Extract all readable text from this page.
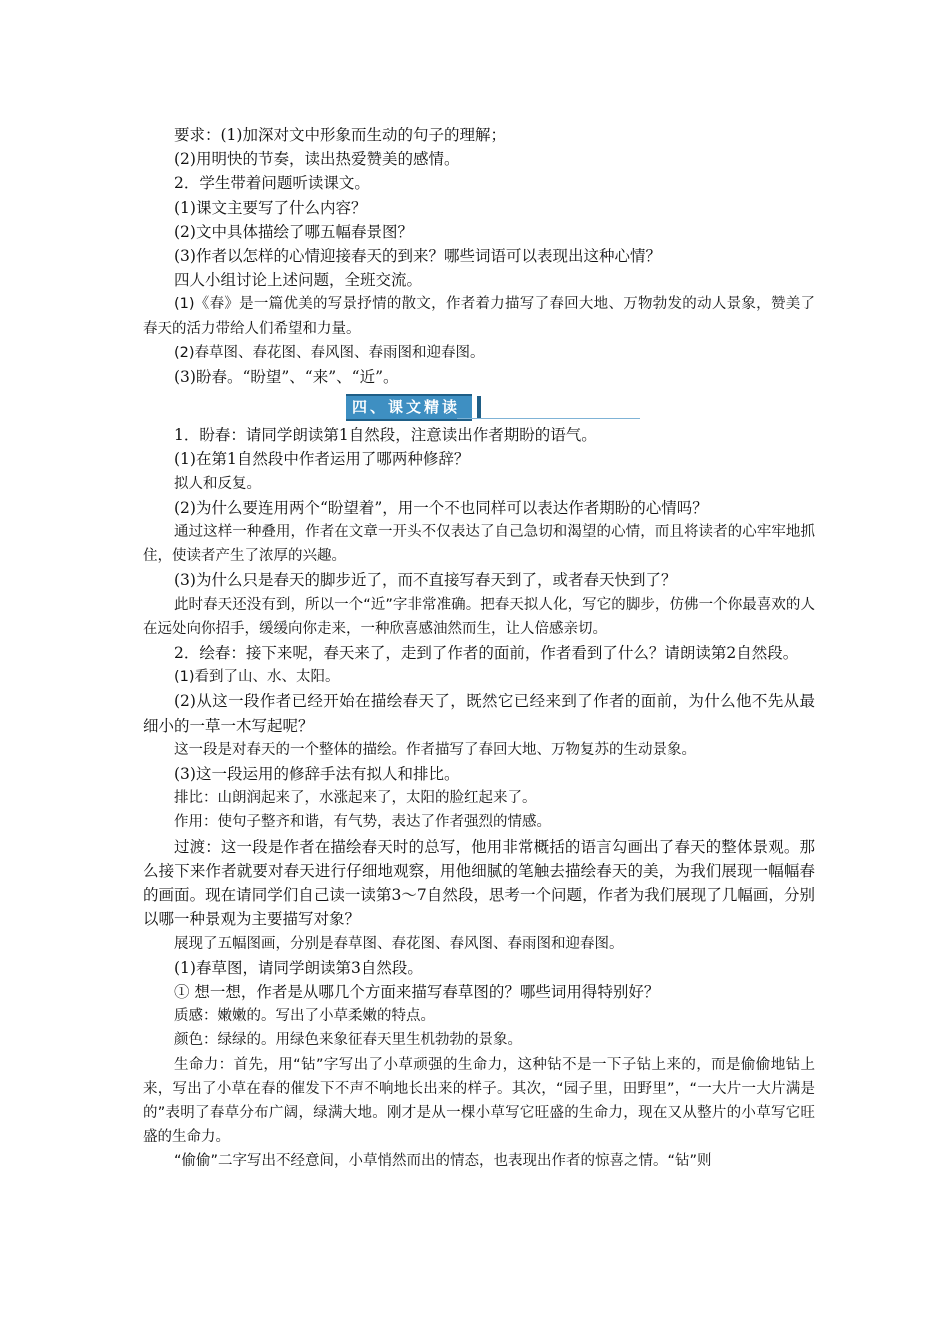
要求：(1)加深对文中形象而生动的句子的理解；

(2)用明快的节奏，读出热爱赞美的感情。

2．学生带着问题听读课文。

(1)课文主要写了什么内容？

(2)文中具体描绘了哪五幅春景图？

(3)作者以怎样的心情迎接春天的到来？哪些词语可以表现出这种心情？

四人小组讨论上述问题，全班交流。

(1)《春》是一篇优美的写景抒情的散文，作者着力描写了春回大地、万物勃发的动人景象，赞美了春天的活力带给人们希望和力量。

(2)春草图、春花图、春风图、春雨图和迎春图。

(3)盼春。“盼望”、“来”、“近”。

四、课文精读

1．盼春：请同学朗读第1自然段，注意读出作者期盼的语气。

(1)在第1自然段中作者运用了哪两种修辞？

拟人和反复。

(2)为什么要连用两个“盼望着”，用一个不也同样可以表达作者期盼的心情吗？

通过这样一种叠用，作者在文章一开头不仅表达了自己急切和渴望的心情，而且将读者的心牢牢地抓住，使读者产生了浓厚的兴趣。

(3)为什么只是春天的脚步近了，而不直接写春天到了，或者春天快到了？

此时春天还没有到，所以一个“近”字非常准确。把春天拟人化，写它的脚步，仿佛一个你最喜欢的人在远处向你招手，缓缓向你走来，一种欣喜感油然而生，让人倍感亲切。

2．绘春：接下来呢，春天来了，走到了作者的面前，作者看到了什么？请朗读第2自然段。

(1)看到了山、水、太阳。

(2)从这一段作者已经开始在描绘春天了，既然它已经来到了作者的面前，为什么他不先从最细小的一草一木写起呢？

这一段是对春天的一个整体的描绘。作者描写了春回大地、万物复苏的生动景象。

(3)这一段运用的修辞手法有拟人和排比。

排比：山朗润起来了，水涨起来了，太阳的脸红起来了。

作用：使句子整齐和谐，有气势，表达了作者强烈的情感。

过渡：这一段是作者在描绘春天时的总写，他用非常概括的语言勾画出了春天的整体景观。那么接下来作者就要对春天进行仔细地观察，用他细腻的笔触去描绘春天的美，为我们展现一幅幅春的画面。现在请同学们自己读一读第3～7自然段，思考一个问题，作者为我们展现了几幅画，分别以哪一种景观为主要描写对象？

展现了五幅图画，分别是春草图、春花图、春风图、春雨图和迎春图。

(1)春草图，请同学朗读第3自然段。

① 想一想，作者是从哪几个方面来描写春草图的？哪些词用得特别好？

质感：嫩嫩的。写出了小草柔嫩的特点。

颜色：绿绿的。用绿色来象征春天里生机勃勃的景象。

生命力：首先，用“钻”字写出了小草顽强的生命力，这种钻不是一下子钻上来的，而是偷偷地钻上来，写出了小草在春的催发下不声不响地长出来的样子。其次，“园子里，田野里”，“一大片一大片满是的”表明了春草分布广阔，绿满大地。刚才是从一棵小草写它旺盛的生命力，现在又从整片的小草写它旺盛的生命力。

“偷偷”二字写出不经意间，小草悄然而出的情态，也表现出作者的惊喜之情。“钻”则
